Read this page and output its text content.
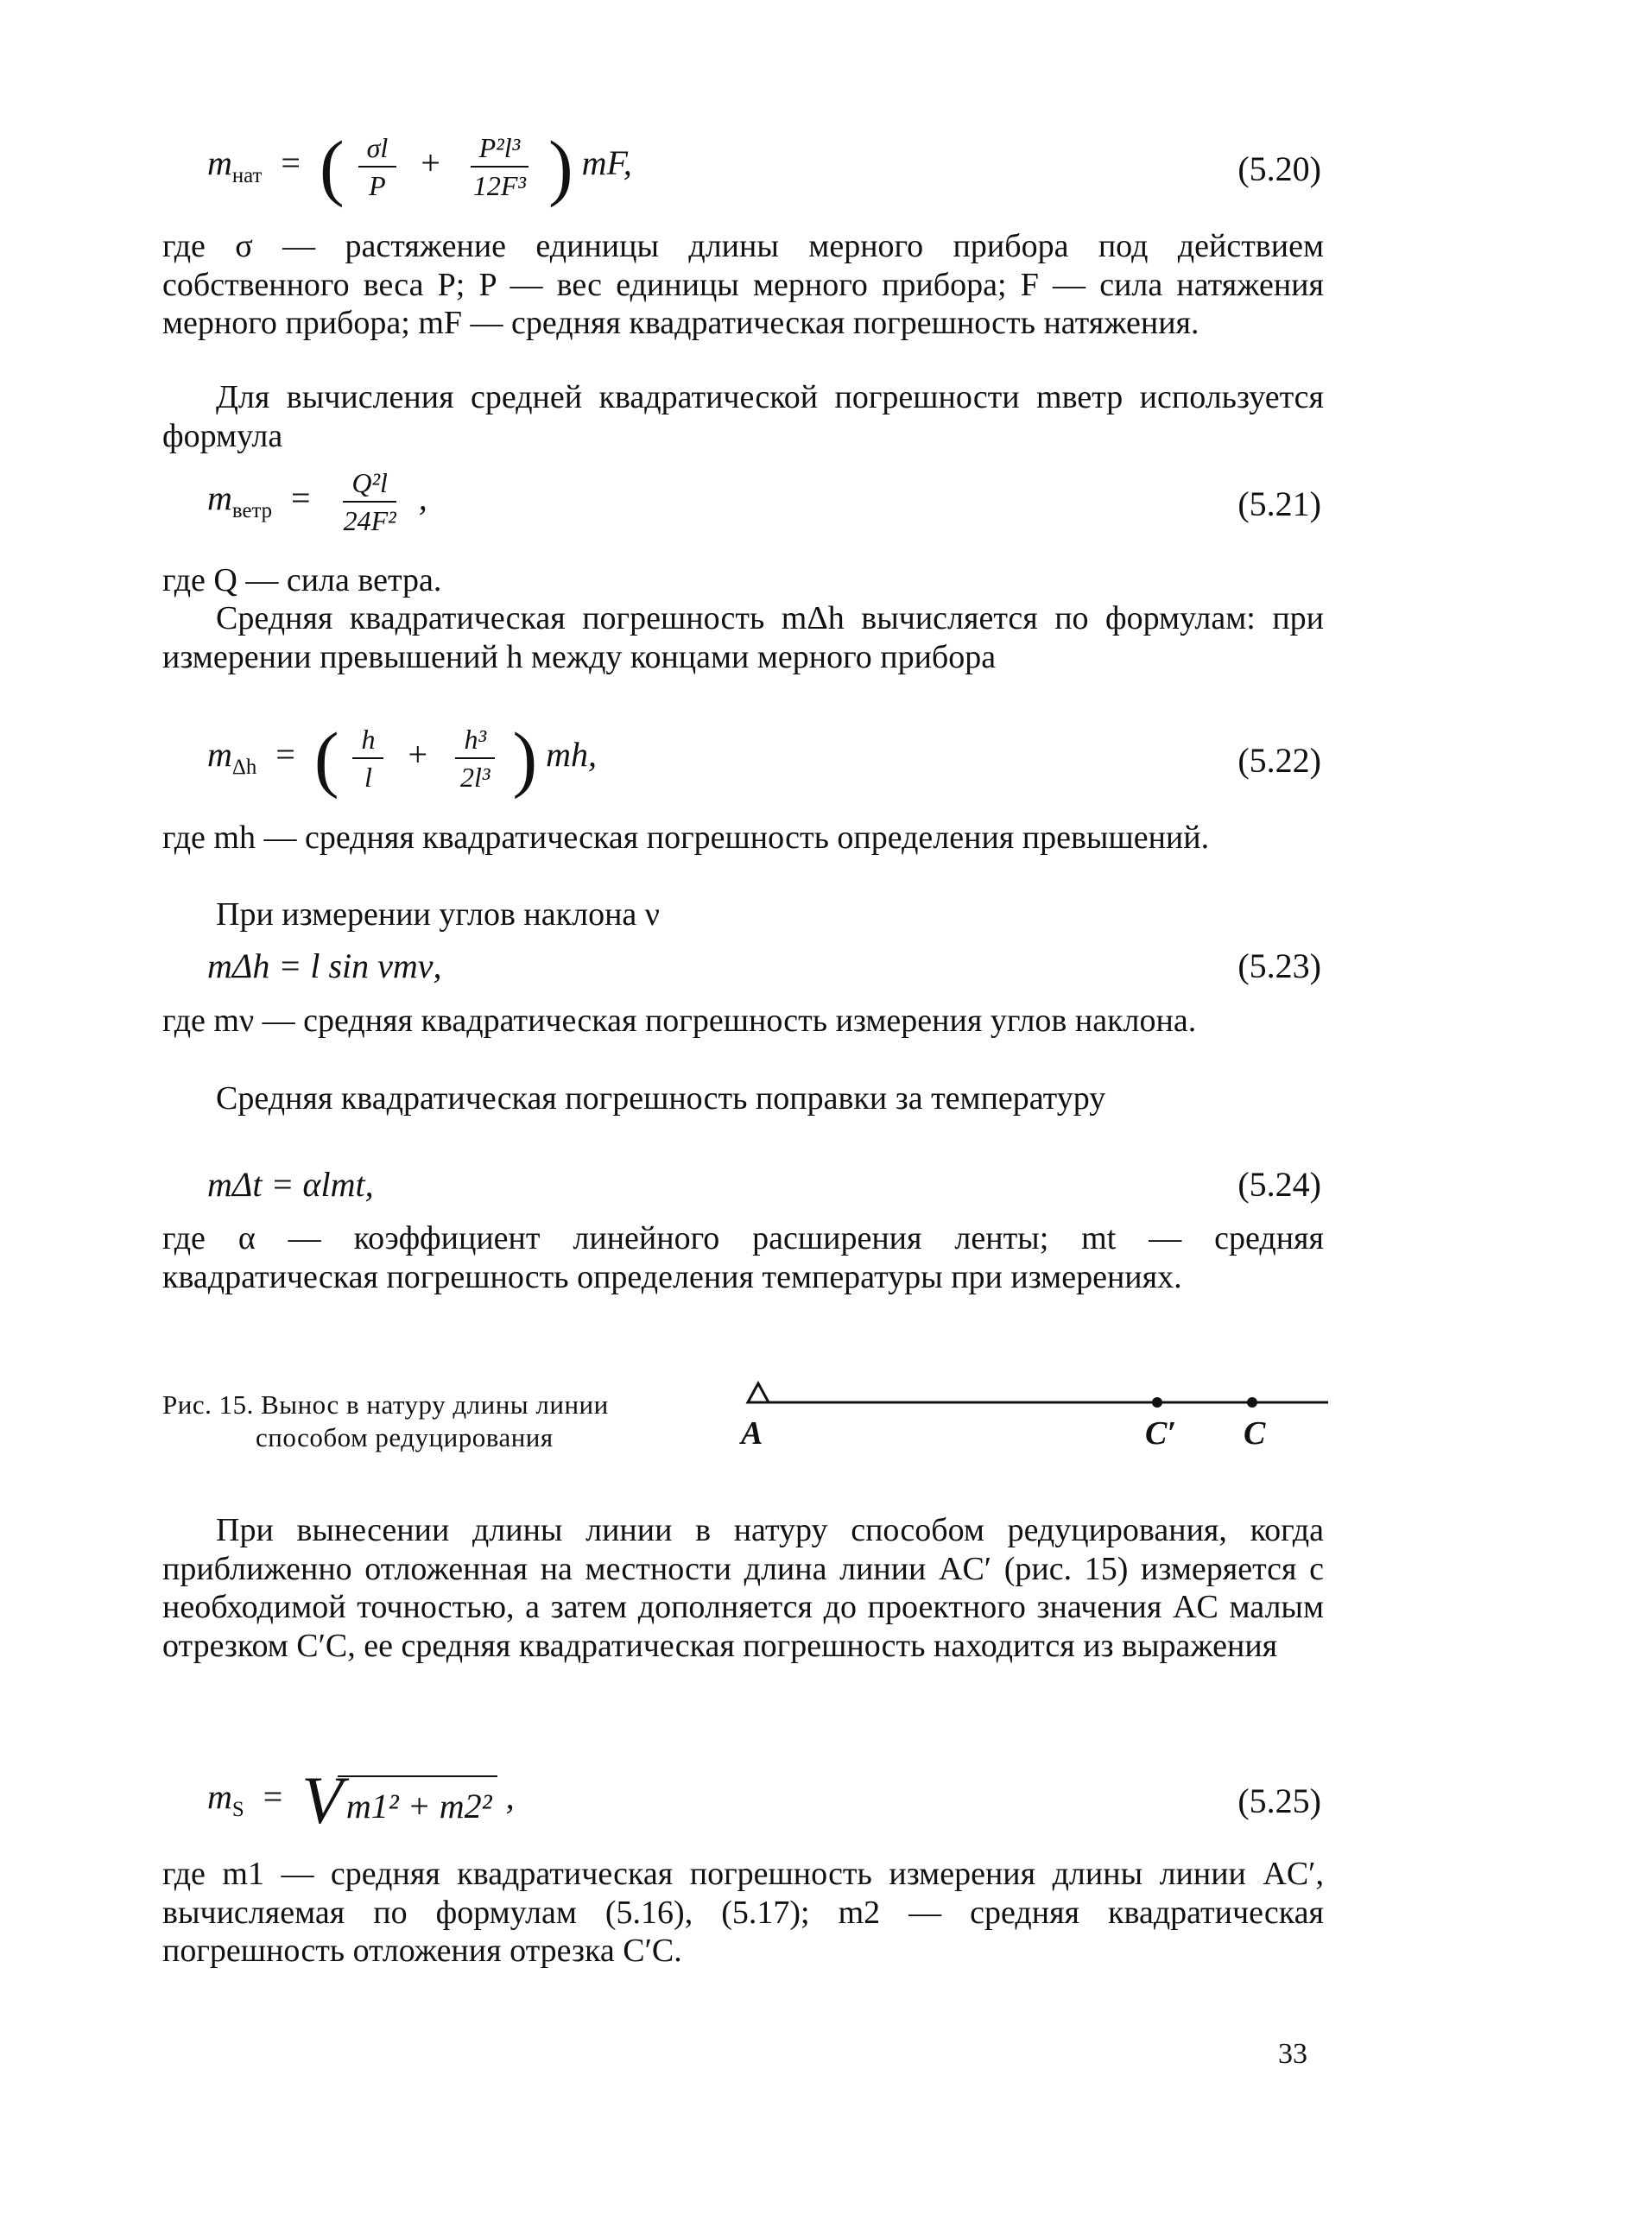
$m_{нат}$ = ( $\frac{\sigma l}{P} + \frac{\text{P²l³}}{\text{12F³}}$ ) mF,	(5.20)
где σ — растяжение единицы длины мерного прибора под действием собственного веса P; P — вес единицы мерного прибора; F — сила натяжения мерного прибора; mF — средняя квадратическая погрешность натяжения.
Для вычисления средней квадратической погрешности mветр используется формула
$m_{ветр} = \frac{\text{Q²l}}{\text{24F²}}$ ,	(5.21)
где Q — сила ветра.
Средняя квадратическая погрешность mΔh вычисляется по формулам: при измерении превышений h между концами мерного прибора
$m_{\Delta h}$ = ( $\frac{h}{l} + \frac{\text{h³}}{\text{2l³}}$ ) mh,	(5.22)
где mh — средняя квадратическая погрешность определения превышений.
При измерении углов наклона ν
mΔh = l sin νmν,	(5.23)
где mν — средняя квадратическая погрешность измерения углов наклона.
Средняя квадратическая погрешность поправки за температуру
mΔt = αlmt,	(5.24)
где α — коэффициент линейного расширения ленты; mt — средняя квадратическая погрешность определения температуры при измерениях.
Рис. 15. Вынос в натуру длины линии
способом редуцирования	A	C′ C
При вынесении длины линии в натуру способом редуцирования, когда приближенно отложенная на местности длина линии AC′ (рис. 15) измеряется с необходимой точностью, а затем дополняется до проектного значения AC малым отрезком C′C, ее средняя квадратическая погрешность находится из выражения
$m_S = V$ m1² + m2² ,	(5.25)
где m1 — средняя квадратическая погрешность измерения длины линии AC′, вычисляемая по формулам (5.16), (5.17); m2 — средняя квадратическая погрешность отложения отрезка C′C.
33
